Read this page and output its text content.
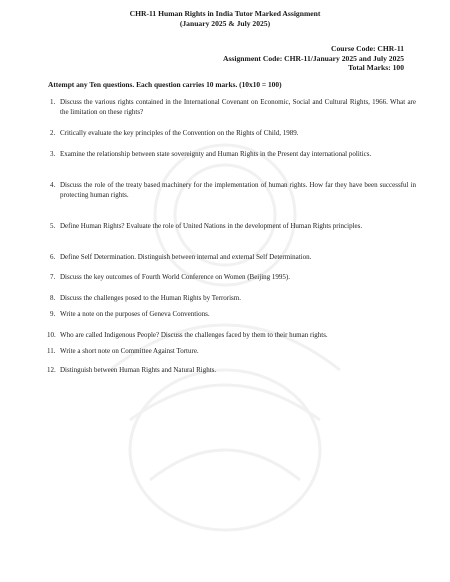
CHR-11 Human Rights in India Tutor Marked Assignment
(January 2025 & July 2025)
Course Code: CHR-11
Assignment Code: CHR-11/January 2025 and July 2025
Total Marks: 100
Attempt any Ten questions. Each question carries 10 marks. (10x10 = 100)
1. Discuss the various rights contained in the International Covenant on Economic, Social and Cultural Rights, 1966. What are the limitation on these rights?
2. Critically evaluate the key principles of the Convention on the Rights of Child, 1989.
3. Examine the relationship between state sovereignty and Human Rights in the Present day international politics.
4. Discuss the role of the treaty based machinery for the implementation of human rights. How far they have been successful in protecting human rights.
5. Define Human Rights? Evaluate the role of United Nations in the development of Human Rights principles.
6. Define Self Determination. Distinguish between internal and external Self Determination.
7. Discuss the key outcomes of Fourth World Conference on Women (Beijing 1995).
8. Discuss the challenges posed to the Human Rights by Terrorism.
9. Write a note on the purposes of Geneva Conventions.
10. Who are called Indigenous People? Discuss the challenges faced by them to their human rights.
11. Write a short note on Committee Against Torture.
12. Distinguish between Human Rights and Natural Rights.
